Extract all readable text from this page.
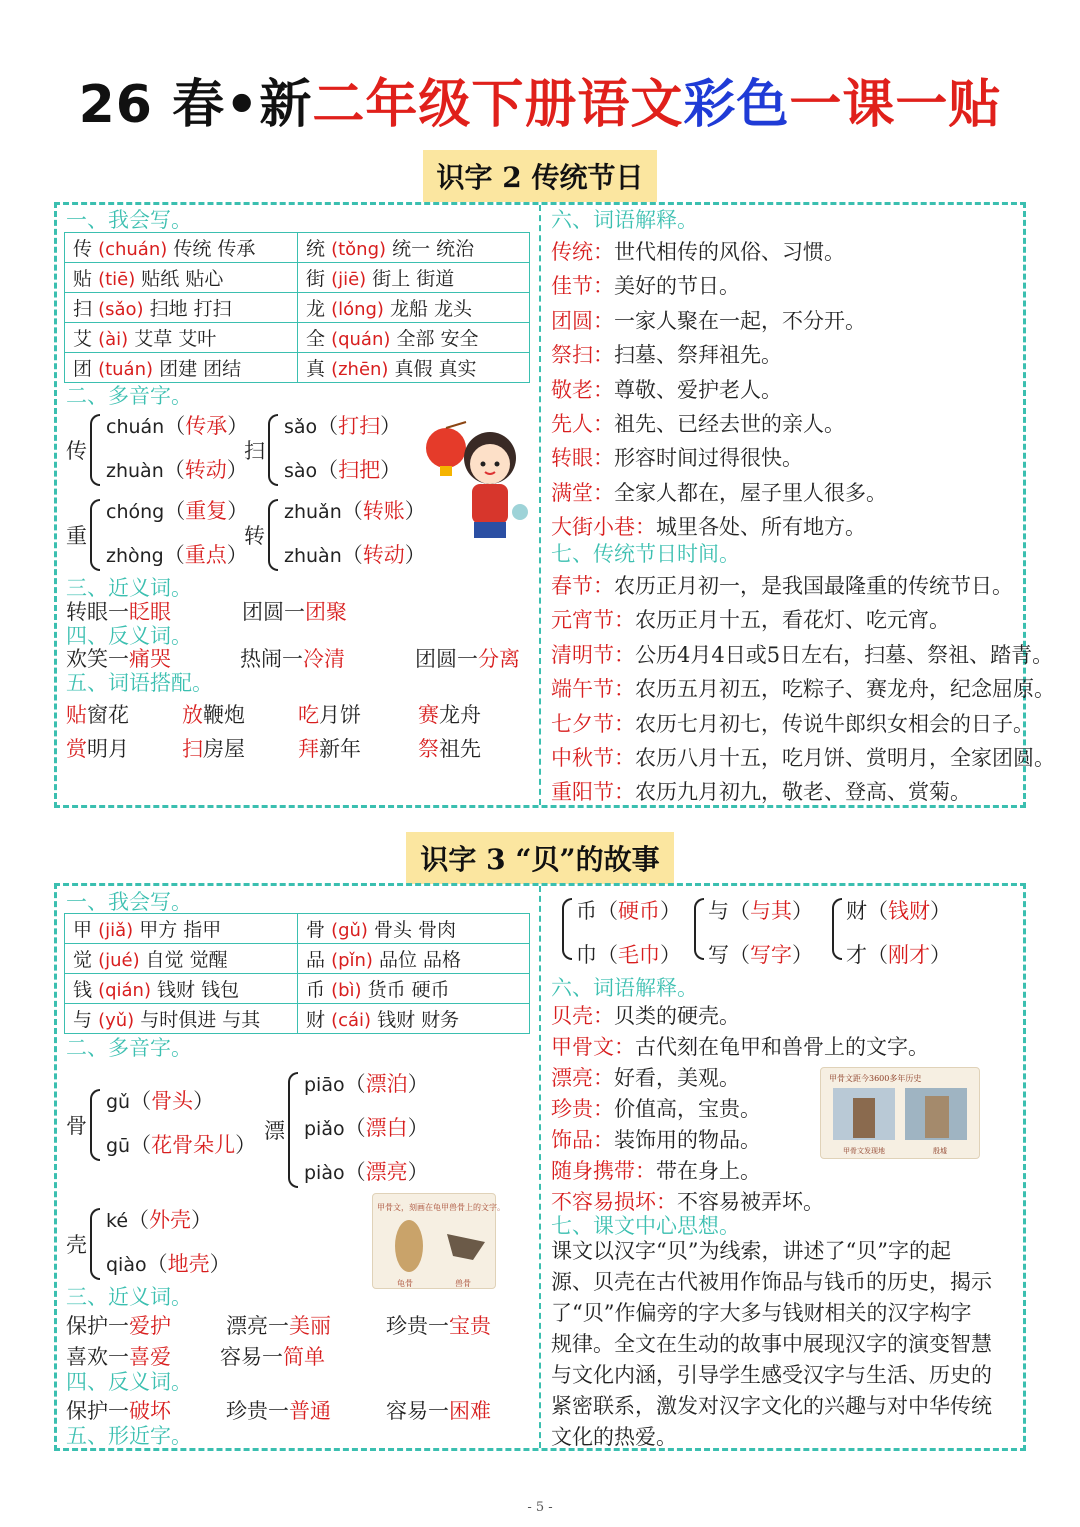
26 春•新二年级下册语文彩色一课一贴
识字 2 传统节日
一、我会写。
传 (chuán) 传统 传承	统 (tǒng) 统一 统治
贴 (tiē) 贴纸 贴心	街 (jiē) 街上 街道
扫 (sǎo) 扫地 打扫	龙 (lóng) 龙船 龙头
艾 (ài) 艾草 艾叶	全 (quán) 全部 安全
团 (tuán) 团建 团结	真 (zhēn) 真假 真实
二、多音字。
传
chuán（传承）
zhuàn（转动）
扫
sǎo（打扫）
sào（扫把）
重
chóng（重复）
zhòng（重点）
转
zhuǎn（转账）
zhuàn（转动）
三、近义词。
转眼一眨眼	团圆一团聚
四、反义词。
欢笑一痛哭	热闹一冷清	团圆一分离
五、词语搭配。
贴窗花	放鞭炮	吃月饼	赛龙舟
赏明月	扫房屋	拜新年	祭祖先
六、词语解释。
传统：世代相传的风俗、习惯。
佳节：美好的节日。
团圆：一家人聚在一起，不分开。
祭扫：扫墓、祭拜祖先。
敬老：尊敬、爱护老人。
先人：祖先、已经去世的亲人。
转眼：形容时间过得很快。
满堂：全家人都在，屋子里人很多。
大街小巷：城里各处、所有地方。
七、传统节日时间。
春节：农历正月初一，是我国最隆重的传统节日。
元宵节：农历正月十五，看花灯、吃元宵。
清明节：公历4月4日或5日左右，扫墓、祭祖、踏青。
端午节：农历五月初五，吃粽子、赛龙舟，纪念屈原。
七夕节：农历七月初七，传说牛郎织女相会的日子。
中秋节：农历八月十五，吃月饼、赏明月，全家团圆。
重阳节：农历九月初九，敬老、登高、赏菊。
识字 3 “贝”的故事
一、我会写。
甲 (jiǎ) 甲方 指甲	骨 (gǔ) 骨头 骨肉
觉 (jué) 自觉 觉醒	品 (pǐn) 品位 品格
钱 (qián) 钱财 钱包	币 (bì) 货币 硬币
与 (yǔ) 与时俱进 与其	财 (cái) 钱财 财务
二、多音字。
骨
gǔ（骨头）
gū（花骨朵儿）
漂
piāo（漂泊）
piǎo（漂白）
piào（漂亮）
壳
ké（外壳）
qiào（地壳）
甲骨文，刻画在龟甲兽骨上的文字。
龟骨	兽骨
三、近义词。
保护一爱护	漂亮一美丽	珍贵一宝贵
喜欢一喜爱 容易一简单
四、反义词。
保护一破坏	珍贵一普通	容易一困难
五、形近字。
币（硬币）
巾（毛巾）
与（与其）
写（写字）
财（钱财）
才（刚才）
六、词语解释。
贝壳：贝类的硬壳。
甲骨文：古代刻在龟甲和兽骨上的文字。
漂亮：好看，美观。
珍贵：价值高，宝贵。
饰品：装饰用的物品。
随身携带：带在身上。
不容易损坏：不容易被弄坏。
甲骨文距今3600多年历史
甲骨文发现地	殷墟
七、课文中心思想。
课文以汉字“贝”为线索，讲述了“贝”字的起
源、贝壳在古代被用作饰品与钱币的历史，揭示
了“贝”作偏旁的字大多与钱财相关的汉字构字
规律。全文在生动的故事中展现汉字的演变智慧
与文化内涵，引导学生感受汉字与生活、历史的
紧密联系，激发对汉字文化的兴趣与对中华传统
文化的热爱。
- 5 -
